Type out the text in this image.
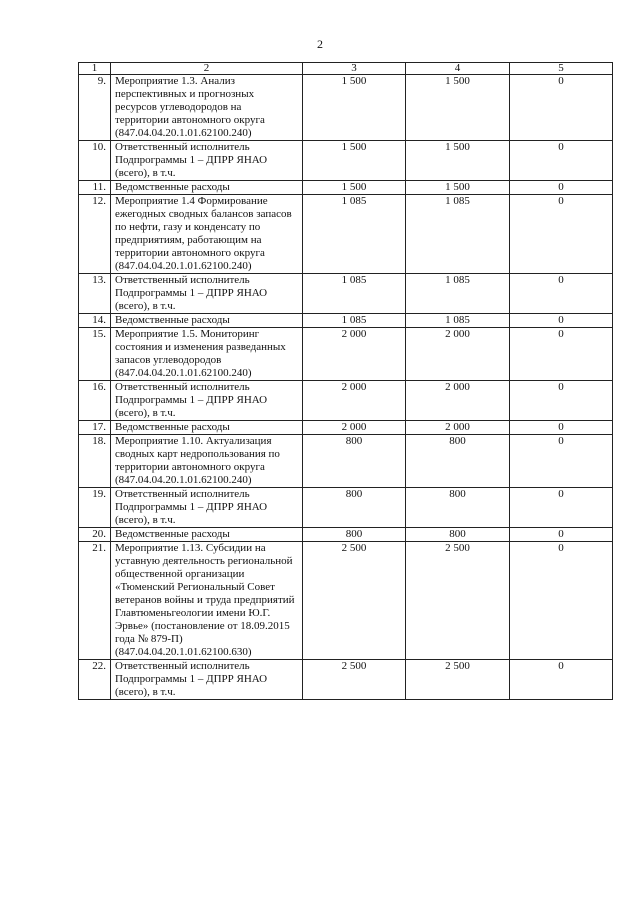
2
1	2	3	4	5
9.	Мероприятие 1.3. Анализ перспективных и прогнозных ресурсов углеводородов на территории автономного округа (847.04.04.20.1.01.62100.240)	1 500	1 500	0
10.	Ответственный исполнитель Подпрограммы 1 – ДПРР ЯНАО (всего), в т.ч.	1 500	1 500	0
11.	Ведомственные расходы	1 500	1 500	0
12.	Мероприятие 1.4 Формирование ежегодных сводных балансов запасов по нефти, газу и конденсату по предприятиям, работающим на территории автономного округа (847.04.04.20.1.01.62100.240)	1 085	1 085	0
13.	Ответственный исполнитель Подпрограммы 1 – ДПРР ЯНАО (всего), в т.ч.	1 085	1 085	0
14.	Ведомственные расходы	1 085	1 085	0
15.	Мероприятие 1.5. Мониторинг состояния и изменения разведанных запасов углеводородов (847.04.04.20.1.01.62100.240)	2 000	2 000	0
16.	Ответственный исполнитель Подпрограммы 1 – ДПРР ЯНАО (всего), в т.ч.	2 000	2 000	0
17.	Ведомственные расходы	2 000	2 000	0
18.	Мероприятие 1.10. Актуализация сводных карт недропользования по территории автономного округа (847.04.04.20.1.01.62100.240)	800	800	0
19.	Ответственный исполнитель Подпрограммы 1 – ДПРР ЯНАО (всего), в т.ч.	800	800	0
20.	Ведомственные расходы	800	800	0
21.	Мероприятие 1.13. Субсидии на уставную деятельность региональной общественной организации «Тюменский Региональный Совет ветеранов войны и труда предприятий Главтюменьгеологии имени Ю.Г. Эрвье» (постановление от 18.09.2015 года № 879-П) (847.04.04.20.1.01.62100.630)	2 500	2 500	0
22.	Ответственный исполнитель Подпрограммы 1 – ДПРР ЯНАО (всего), в т.ч.	2 500	2 500	0
